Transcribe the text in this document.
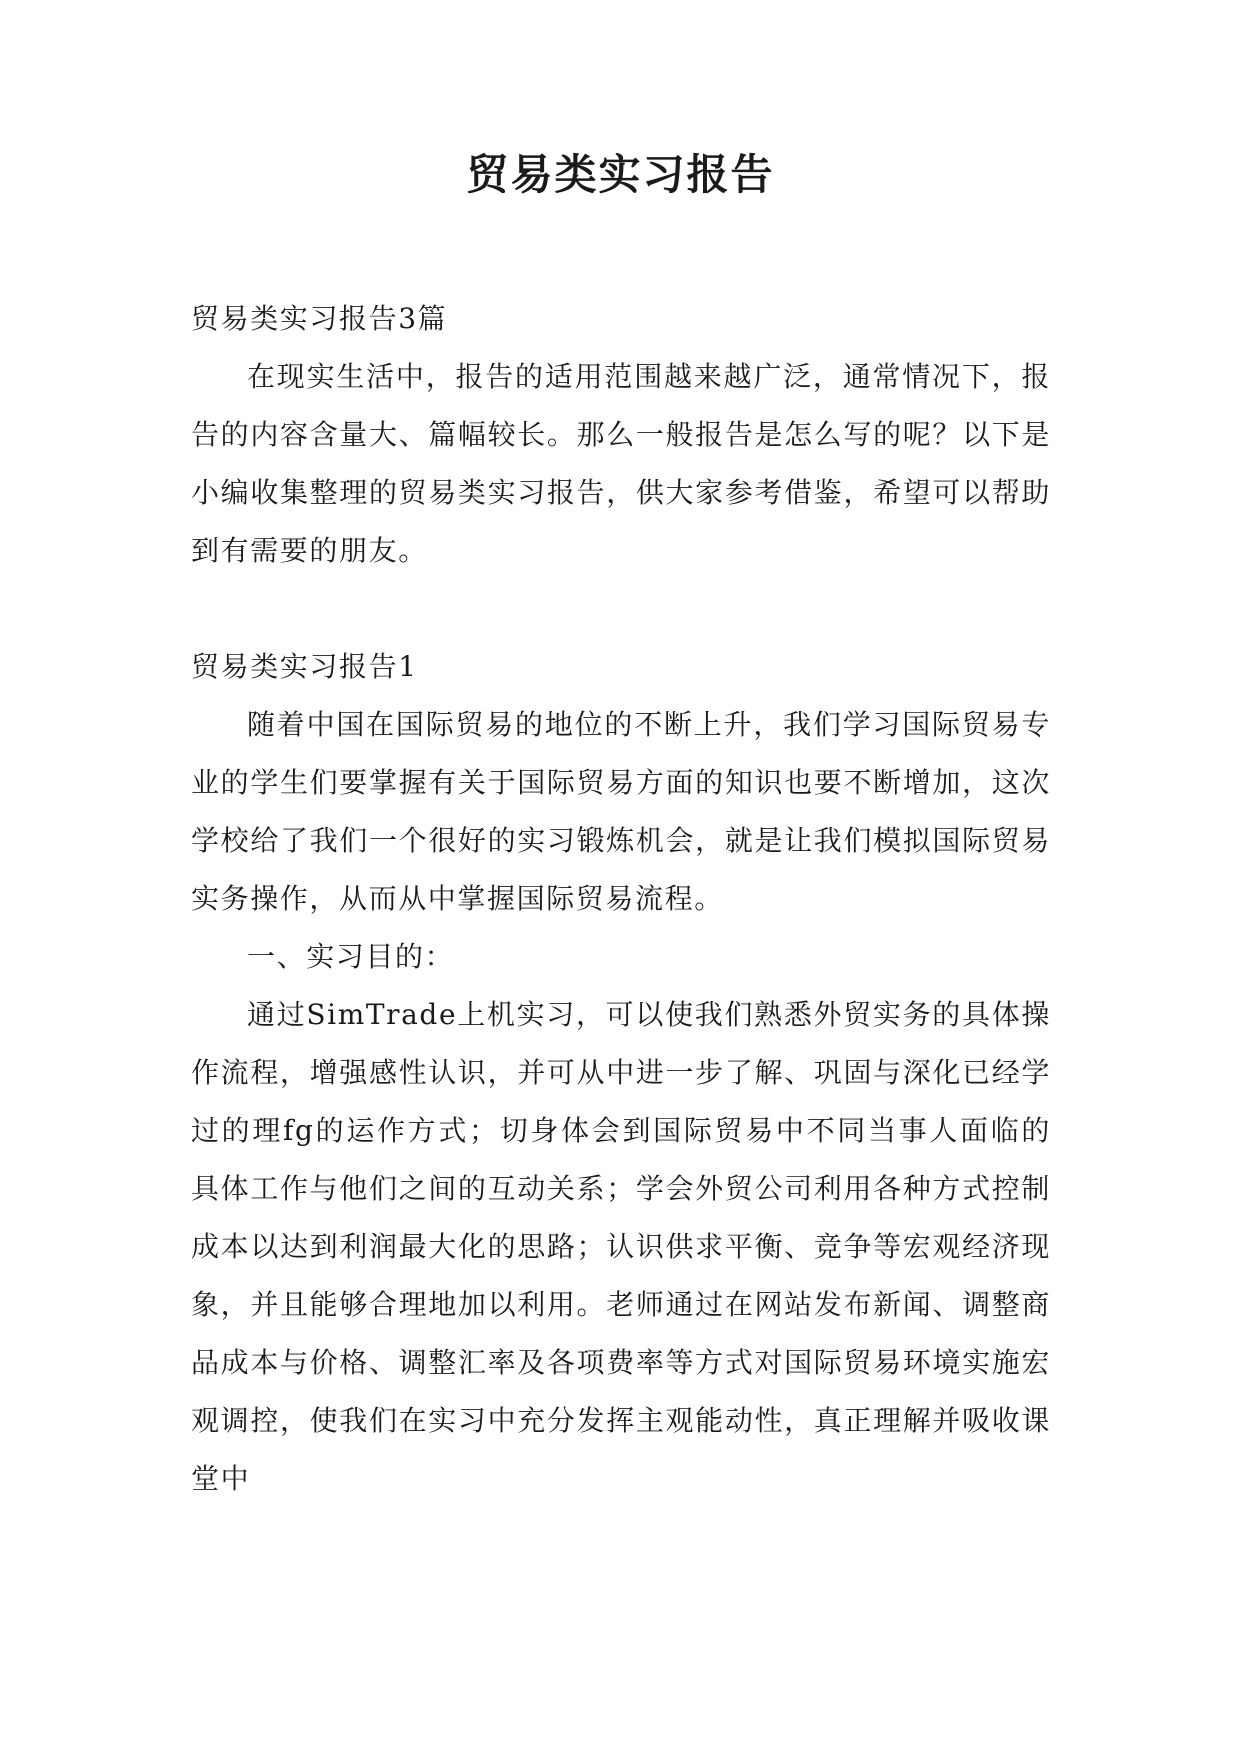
贸易类实习报告

贸易类实习报告3篇

在现实生活中，报告的适用范围越来越广泛，通常情况下，报告的内容含量大、篇幅较长。那么一般报告是怎么写的呢？以下是小编收集整理的贸易类实习报告，供大家参考借鉴，希望可以帮助到有需要的朋友。

贸易类实习报告1

随着中国在国际贸易的地位的不断上升，我们学习国际贸易专业的学生们要掌握有关于国际贸易方面的知识也要不断增加，这次学校给了我们一个很好的实习锻炼机会，就是让我们模拟国际贸易实务操作，从而从中掌握国际贸易流程。

一、实习目的：

通过SimTrade上机实习，可以使我们熟悉外贸实务的具体操作流程，增强感性认识，并可从中进一步了解、巩固与深化已经学过的理fg的运作方式；切身体会到国际贸易中不同当事人面临的具体工作与他们之间的互动关系；学会外贸公司利用各种方式控制成本以达到利润最大化的思路；认识供求平衡、竞争等宏观经济现象，并且能够合理地加以利用。老师通过在网站发布新闻、调整商品成本与价格、调整汇率及各项费率等方式对国际贸易环境实施宏观调控，使我们在实习中充分发挥主观能动性，真正理解并吸收课堂中
